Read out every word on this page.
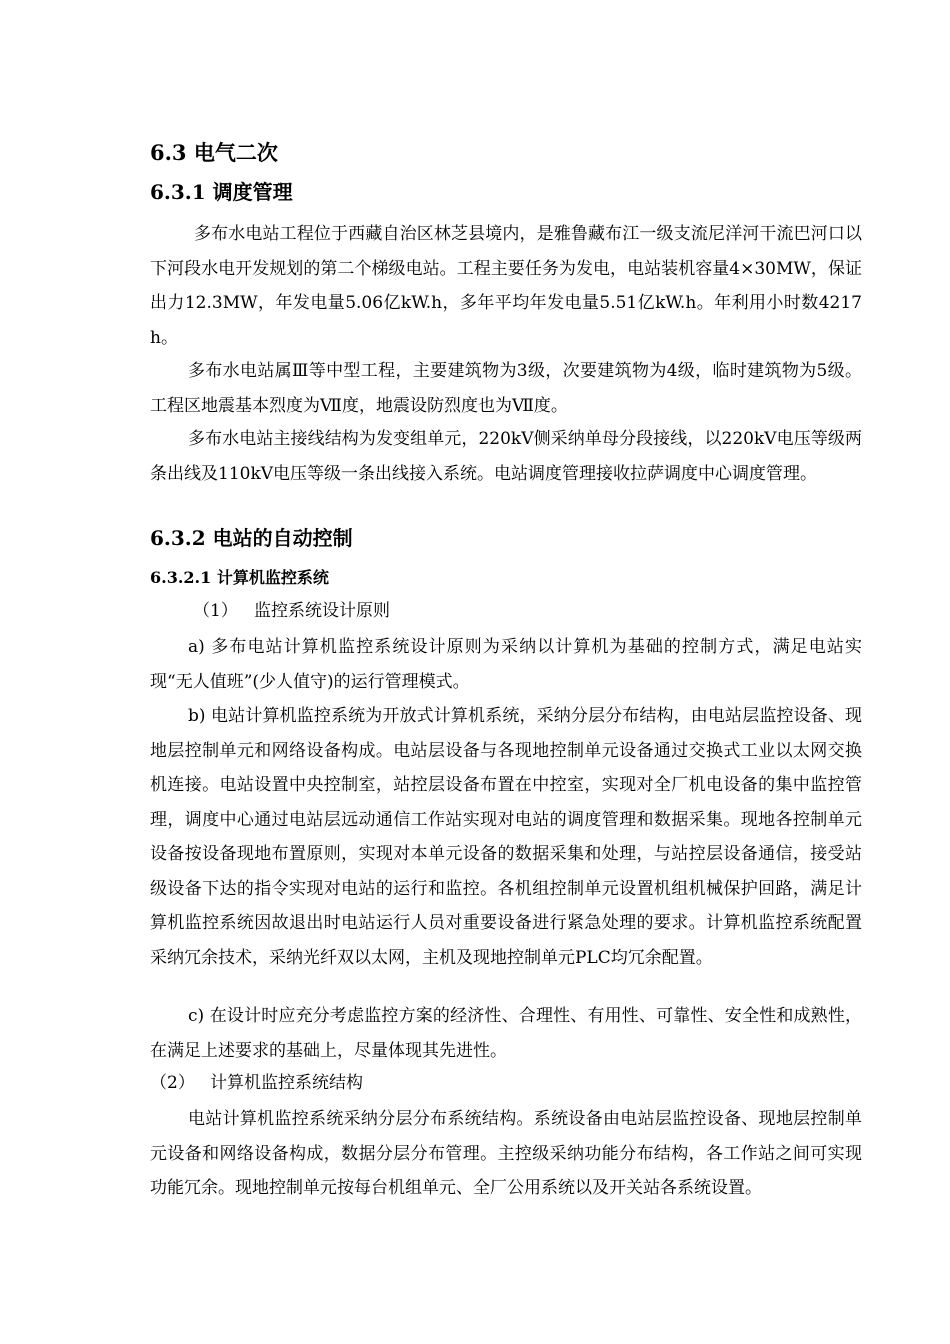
6.3 电气二次
6.3.1 调度管理

多布水电站工程位于西藏自治区林芝县境内，是雅鲁藏布江一级支流尼洋河干流巴河口以下河段水电开发规划的第二个梯级电站。工程主要任务为发电，电站装机容量4×30MW，保证出力12.3MW，年发电量5.06亿kW.h，多年平均年发电量5.51亿kW.h。年利用小时数4217h。

多布水电站属Ⅲ等中型工程，主要建筑物为3级，次要建筑物为4级，临时建筑物为5级。工程区地震基本烈度为Ⅶ度，地震设防烈度也为Ⅶ度。

多布水电站主接线结构为发变组单元，220kV侧采纳单母分段接线，以220kV电压等级两条出线及110kV电压等级一条出线接入系统。电站调度管理接收拉萨调度中心调度管理。

6.3.2 电站的自动控制
6.3.2.1 计算机监控系统
（1） 监控系统设计原则

a) 多布电站计算机监控系统设计原则为采纳以计算机为基础的控制方式，满足电站实现“无人值班”(少人值守)的运行管理模式。

b) 电站计算机监控系统为开放式计算机系统，采纳分层分布结构，由电站层监控设备、现地层控制单元和网络设备构成。电站层设备与各现地控制单元设备通过交换式工业以太网交换机连接。电站设置中央控制室，站控层设备布置在中控室，实现对全厂机电设备的集中监控管理，调度中心通过电站层远动通信工作站实现对电站的调度管理和数据采集。现地各控制单元设备按设备现地布置原则，实现对本单元设备的数据采集和处理，与站控层设备通信，接受站级设备下达的指令实现对电站的运行和监控。各机组控制单元设置机组机械保护回路，满足计算机监控系统因故退出时电站运行人员对重要设备进行紧急处理的要求。计算机监控系统配置采纳冗余技术，采纳光纤双以太网，主机及现地控制单元PLC均冗余配置。

c) 在设计时应充分考虑监控方案的经济性、合理性、有用性、可靠性、安全性和成熟性，在满足上述要求的基础上，尽量体现其先进性。

（2） 计算机监控系统结构

电站计算机监控系统采纳分层分布系统结构。系统设备由电站层监控设备、现地层控制单元设备和网络设备构成，数据分层分布管理。主控级采纳功能分布结构，各工作站之间可实现功能冗余。现地控制单元按每台机组单元、全厂公用系统以及开关站各系统设置。
